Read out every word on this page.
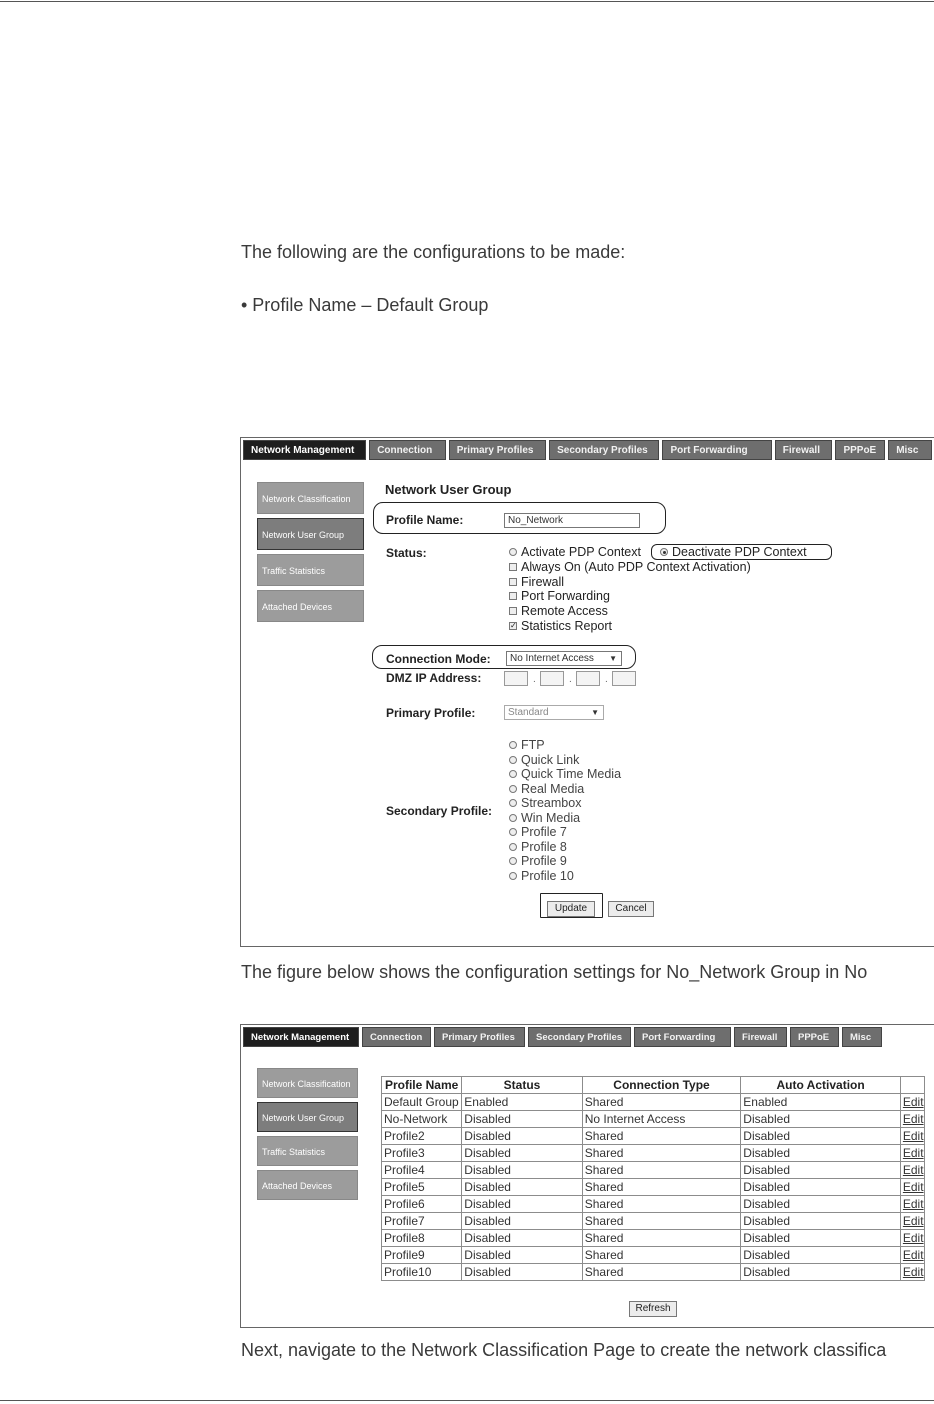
The following are the configurations to be made:
• Profile Name – Default Group
Network Management	Connection	Primary Profiles	Secondary Profiles	Port Forwarding	Firewall	PPPoE	Misc
Network Classification
Network User Group
Traffic Statistics
Attached Devices
Network User Group
Profile Name:	No_Network
Status:	Activate PDP Context Deactivate PDP Context
Always On (Auto PDP Context Activation)
Firewall
Port Forwarding
Remote Access
✓ Statistics Report
Connection Mode:	No Internet Access ▼
DMZ IP Address:	.	.	.
Primary Profile:	Standard	▼
Secondary Profile:
FTP
Quick Link
Quick Time Media
Real Media
Streambox
Win Media
Profile 7
Profile 8
Profile 9
Profile 10
Update	Cancel
The figure below shows the configuration settings for No_Network Group in No
Network Management	Connection	Primary Profiles	Secondary Profiles	Port Forwarding	Firewall	PPPoE	Misc
Network Classification
Network User Group
Traffic Statistics
Attached Devices
Profile Name	Status	Connection Type	Auto Activation	
Default Group	Enabled	Shared	Enabled	Edit
No-Network	Disabled	No Internet Access	Disabled	Edit
Profile2	Disabled	Shared	Disabled	Edit
Profile3	Disabled	Shared	Disabled	Edit
Profile4	Disabled	Shared	Disabled	Edit
Profile5	Disabled	Shared	Disabled	Edit
Profile6	Disabled	Shared	Disabled	Edit
Profile7	Disabled	Shared	Disabled	Edit
Profile8	Disabled	Shared	Disabled	Edit
Profile9	Disabled	Shared	Disabled	Edit
Profile10	Disabled	Shared	Disabled	Edit
Refresh
Next, navigate to the Network Classification Page to create the network classifica
